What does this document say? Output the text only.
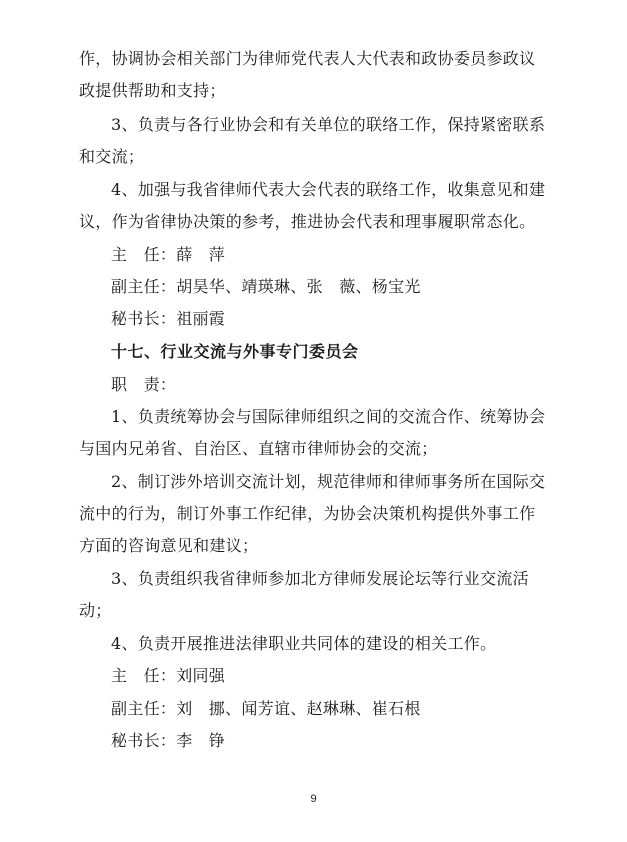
作，协调协会相关部门为律师党代表人大代表和政协委员参政议
政提供帮助和支持；
3、负责与各行业协会和有关单位的联络工作，保持紧密联系
和交流；
4、加强与我省律师代表大会代表的联络工作，收集意见和建
议，作为省律协决策的参考，推进协会代表和理事履职常态化。
主　任：薛　萍
副主任：胡昊华、靖瑛琳、张　薇、杨宝光
秘书长：祖丽霞
十七、行业交流与外事专门委员会
职　责：
1、负责统筹协会与国际律师组织之间的交流合作、统筹协会
与国内兄弟省、自治区、直辖市律师协会的交流；
2、制订涉外培训交流计划，规范律师和律师事务所在国际交
流中的行为，制订外事工作纪律，为协会决策机构提供外事工作
方面的咨询意见和建议；
3、负责组织我省律师参加北方律师发展论坛等行业交流活
动；
4、负责开展推进法律职业共同体的建设的相关工作。
主　任：刘同强
副主任：刘　挪、闻芳谊、赵琳琳、崔石根
秘书长：李　铮
9
